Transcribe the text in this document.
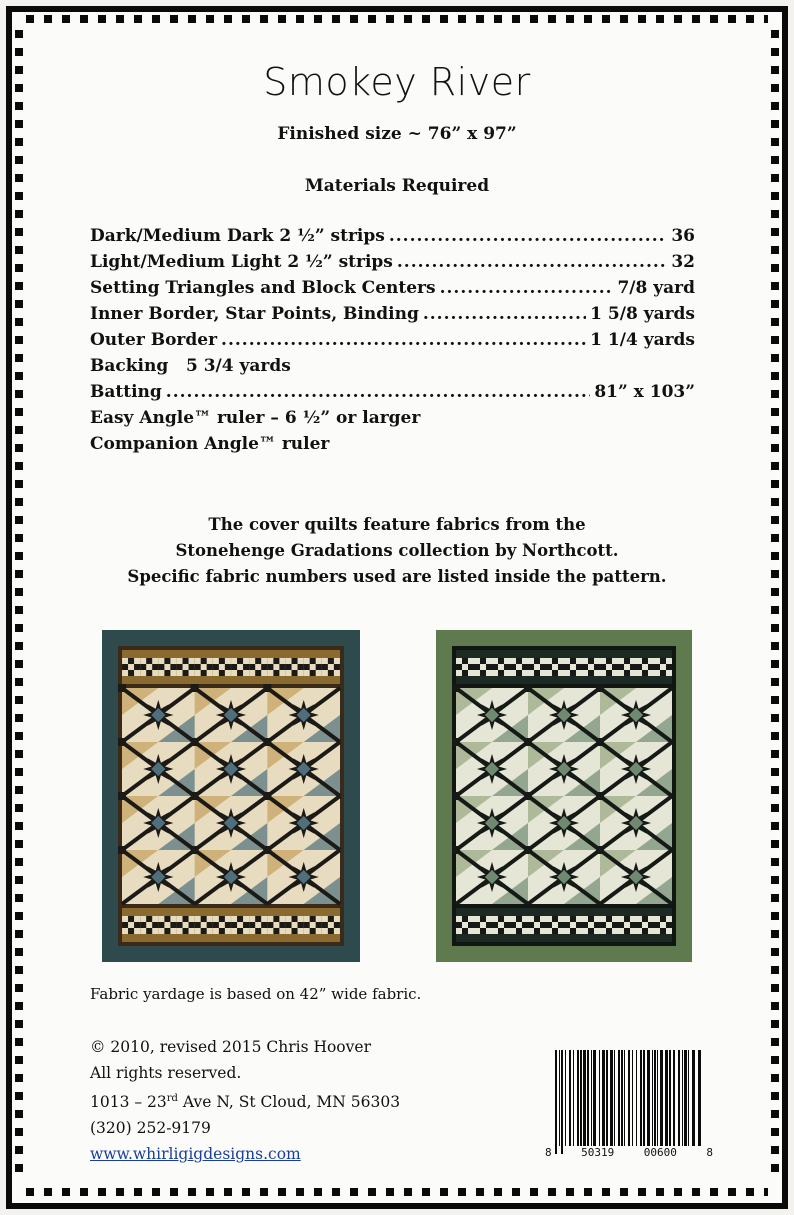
Smokey River
Finished size ~ 76” x 97”
Materials Required
Dark/Medium Dark 2 ½” strips .....	36
Light/Medium Light 2 ½” strips .....	32
Setting Triangles and Block Centers .....	7/8 yard
Inner Border, Star Points, Binding .....	1 5/8 yards
Outer Border .....	1 1/4 yards
Backing   5 3/4 yards
Batting .....	81” x 103”
Easy Angle™ ruler – 6 ½” or larger
Companion Angle™ ruler
The cover quilts feature fabrics from the
Stonehenge Gradations collection by Northcott.
Specific fabric numbers used are listed inside the pattern.
Fabric yardage is based on 42” wide fabric.
© 2010, revised 2015 Chris Hoover
All rights reserved.
1013 – 23rd Ave N, St Cloud, MN 56303
(320) 252-9179
www.whirligigdesigns.com	8	50319	00600	8
